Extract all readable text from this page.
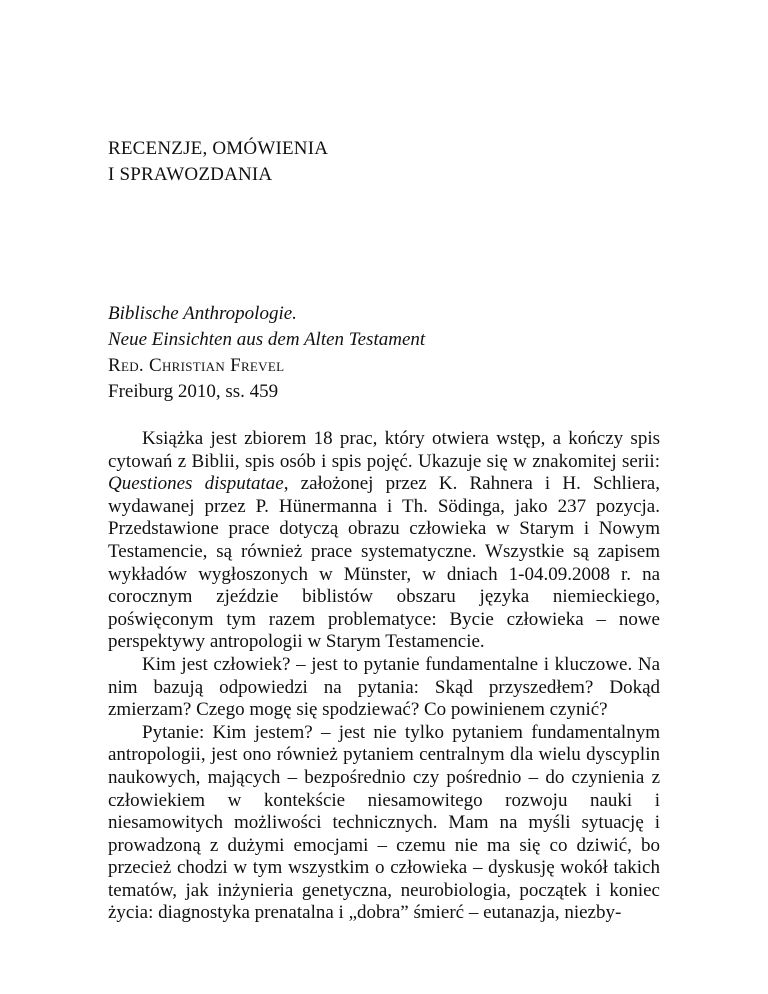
RECENZJE, OMÓWIENIA
I SPRAWOZDANIA
Biblische Anthropologie.
Neue Einsichten aus dem Alten Testament
Red. Christian Frevel
Freiburg 2010, ss. 459

Książka jest zbiorem 18 prac, który otwiera wstęp, a kończy spis cytowań z Biblii, spis osób i spis pojęć. Ukazuje się w znakomitej serii: Questiones disputatae, założonej przez K. Rahnera i H. Schliera, wydawanej przez P. Hünermanna i Th. Södinga, jako 237 pozycja. Przedstawione prace dotyczą obrazu człowieka w Starym i Nowym Testamencie, są również prace systematyczne. Wszystkie są zapisem wykładów wygłoszonych w Münster, w dniach 1-04.09.2008 r. na corocznym zjeździe biblistów obszaru języka niemieckiego, poświęconym tym razem problematyce: Bycie człowieka – nowe perspektywy antropologii w Starym Testamencie.

Kim jest człowiek? – jest to pytanie fundamentalne i kluczowe. Na nim bazują odpowiedzi na pytania: Skąd przyszedłem? Dokąd zmierzam? Czego mogę się spodziewać? Co powinienem czynić?

Pytanie: Kim jestem? – jest nie tylko pytaniem fundamentalnym antropologii, jest ono również pytaniem centralnym dla wielu dyscyplin naukowych, mających – bezpośrednio czy pośrednio – do czynienia z człowiekiem w kontekście niesamowitego rozwoju nauki i niesamowitych możliwości technicznych. Mam na myśli sytuację i prowadzoną z dużymi emocjami – czemu nie ma się co dziwić, bo przecież chodzi w tym wszystkim o człowieka – dyskusję wokół takich tematów, jak inżynieria genetyczna, neurobiologia, początek i koniec życia: diagnostyka prenatalna i „dobra” śmierć – eutanazja, niezby-
